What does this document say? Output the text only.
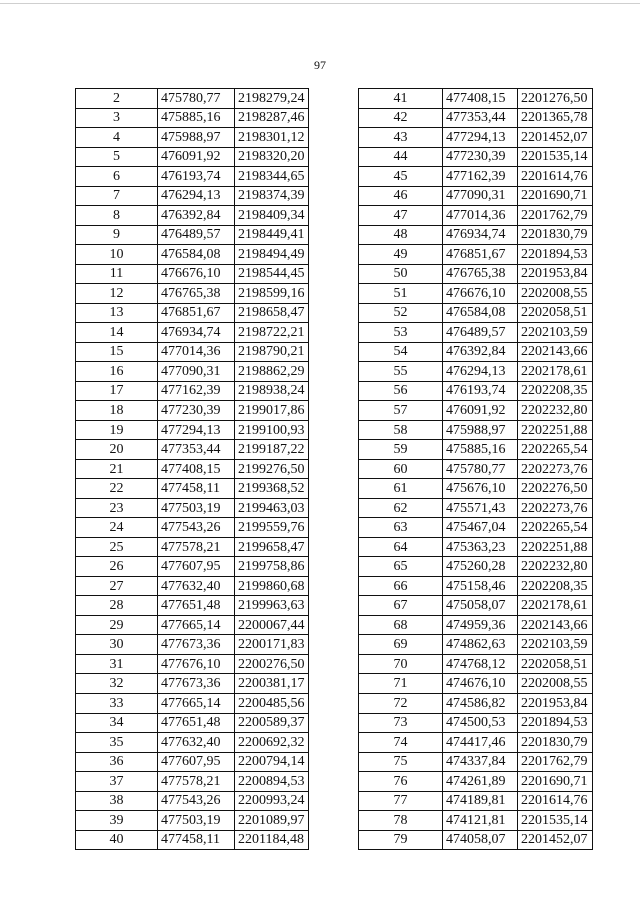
97
2	475780,77	2198279,24
3	475885,16	2198287,46
4	475988,97	2198301,12
5	476091,92	2198320,20
6	476193,74	2198344,65
7	476294,13	2198374,39
8	476392,84	2198409,34
9	476489,57	2198449,41
10	476584,08	2198494,49
11	476676,10	2198544,45
12	476765,38	2198599,16
13	476851,67	2198658,47
14	476934,74	2198722,21
15	477014,36	2198790,21
16	477090,31	2198862,29
17	477162,39	2198938,24
18	477230,39	2199017,86
19	477294,13	2199100,93
20	477353,44	2199187,22
21	477408,15	2199276,50
22	477458,11	2199368,52
23	477503,19	2199463,03
24	477543,26	2199559,76
25	477578,21	2199658,47
26	477607,95	2199758,86
27	477632,40	2199860,68
28	477651,48	2199963,63
29	477665,14	2200067,44
30	477673,36	2200171,83
31	477676,10	2200276,50
32	477673,36	2200381,17
33	477665,14	2200485,56
34	477651,48	2200589,37
35	477632,40	2200692,32
36	477607,95	2200794,14
37	477578,21	2200894,53
38	477543,26	2200993,24
39	477503,19	2201089,97
40	477458,11	2201184,48
41	477408,15	2201276,50
42	477353,44	2201365,78
43	477294,13	2201452,07
44	477230,39	2201535,14
45	477162,39	2201614,76
46	477090,31	2201690,71
47	477014,36	2201762,79
48	476934,74	2201830,79
49	476851,67	2201894,53
50	476765,38	2201953,84
51	476676,10	2202008,55
52	476584,08	2202058,51
53	476489,57	2202103,59
54	476392,84	2202143,66
55	476294,13	2202178,61
56	476193,74	2202208,35
57	476091,92	2202232,80
58	475988,97	2202251,88
59	475885,16	2202265,54
60	475780,77	2202273,76
61	475676,10	2202276,50
62	475571,43	2202273,76
63	475467,04	2202265,54
64	475363,23	2202251,88
65	475260,28	2202232,80
66	475158,46	2202208,35
67	475058,07	2202178,61
68	474959,36	2202143,66
69	474862,63	2202103,59
70	474768,12	2202058,51
71	474676,10	2202008,55
72	474586,82	2201953,84
73	474500,53	2201894,53
74	474417,46	2201830,79
75	474337,84	2201762,79
76	474261,89	2201690,71
77	474189,81	2201614,76
78	474121,81	2201535,14
79	474058,07	2201452,07
